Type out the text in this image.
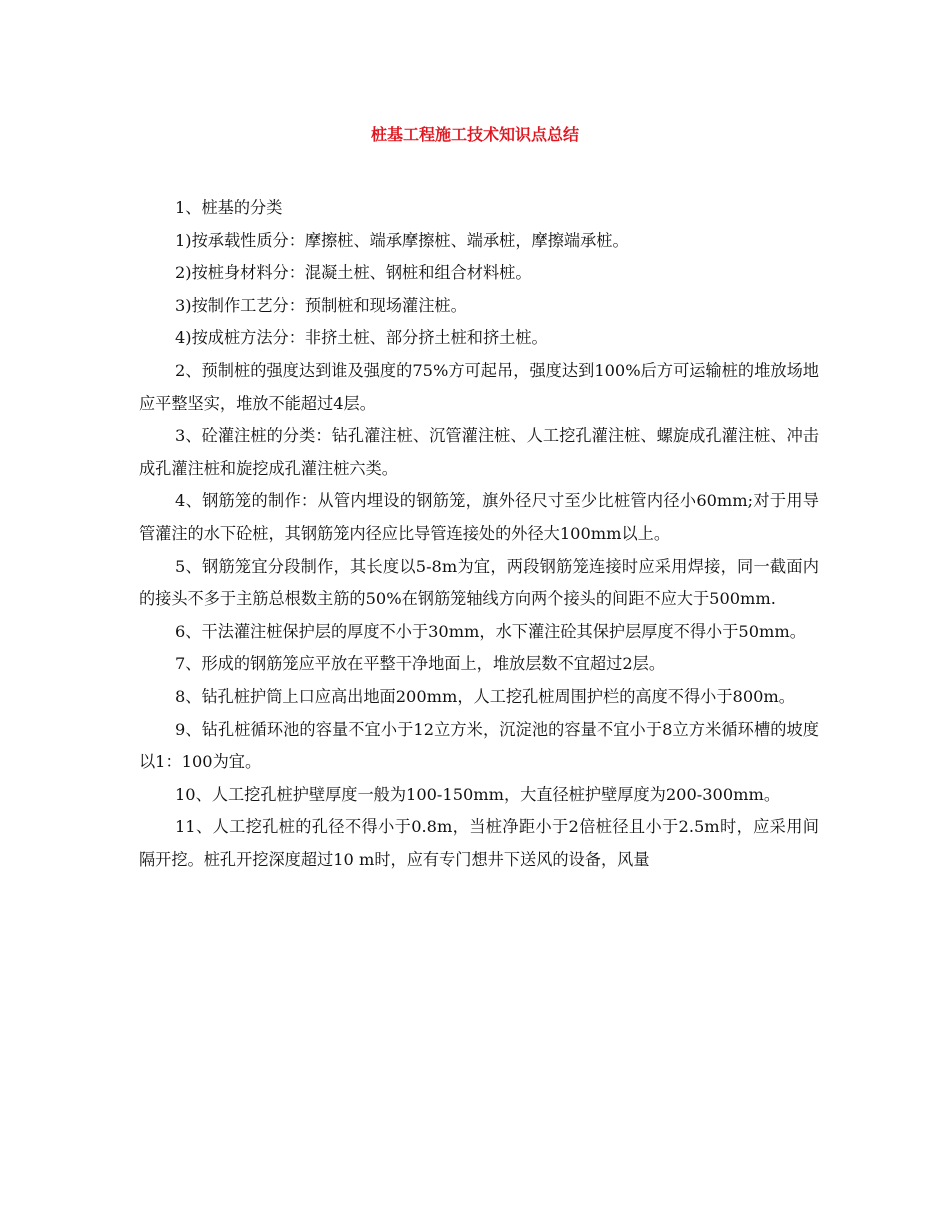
桩基工程施工技术知识点总结

1、桩基的分类

1)按承载性质分：摩擦桩、端承摩擦桩、端承桩，摩擦端承桩。

2)按桩身材料分：混凝土桩、钢桩和组合材料桩。

3)按制作工艺分：预制桩和现场灌注桩。

4)按成桩方法分：非挤土桩、部分挤土桩和挤土桩。

2、预制桩的强度达到谁及强度的75%方可起吊，强度达到100%后方可运输桩的堆放场地应平整坚实，堆放不能超过4层。

3、砼灌注桩的分类：钻孔灌注桩、沉管灌注桩、人工挖孔灌注桩、螺旋成孔灌注桩、冲击成孔灌注桩和旋挖成孔灌注桩六类。

4、钢筋笼的制作：从管内埋设的钢筋笼，旗外径尺寸至少比桩管内径小60mm;对于用导管灌注的水下砼桩，其钢筋笼内径应比导管连接处的外径大100mm以上。

5、钢筋笼宜分段制作，其长度以5-8m为宜，两段钢筋笼连接时应采用焊接，同一截面内的接头不多于主筋总根数主筋的50%在钢筋笼轴线方向两个接头的间距不应大于500mm.

6、干法灌注桩保护层的厚度不小于30mm，水下灌注砼其保护层厚度不得小于50mm。

7、形成的钢筋笼应平放在平整干净地面上，堆放层数不宜超过2层。

8、钻孔桩护筒上口应高出地面200mm，人工挖孔桩周围护栏的高度不得小于800m。

9、钻孔桩循环池的容量不宜小于12立方米，沉淀池的容量不宜小于8立方米循环槽的坡度以1：100为宜。

10、人工挖孔桩护壁厚度一般为100-150mm，大直径桩护壁厚度为200-300mm。

11、人工挖孔桩的孔径不得小于0.8m，当桩净距小于2倍桩径且小于2.5m时，应采用间隔开挖。桩孔开挖深度超过10 m时，应有专门想井下送风的设备，风量
